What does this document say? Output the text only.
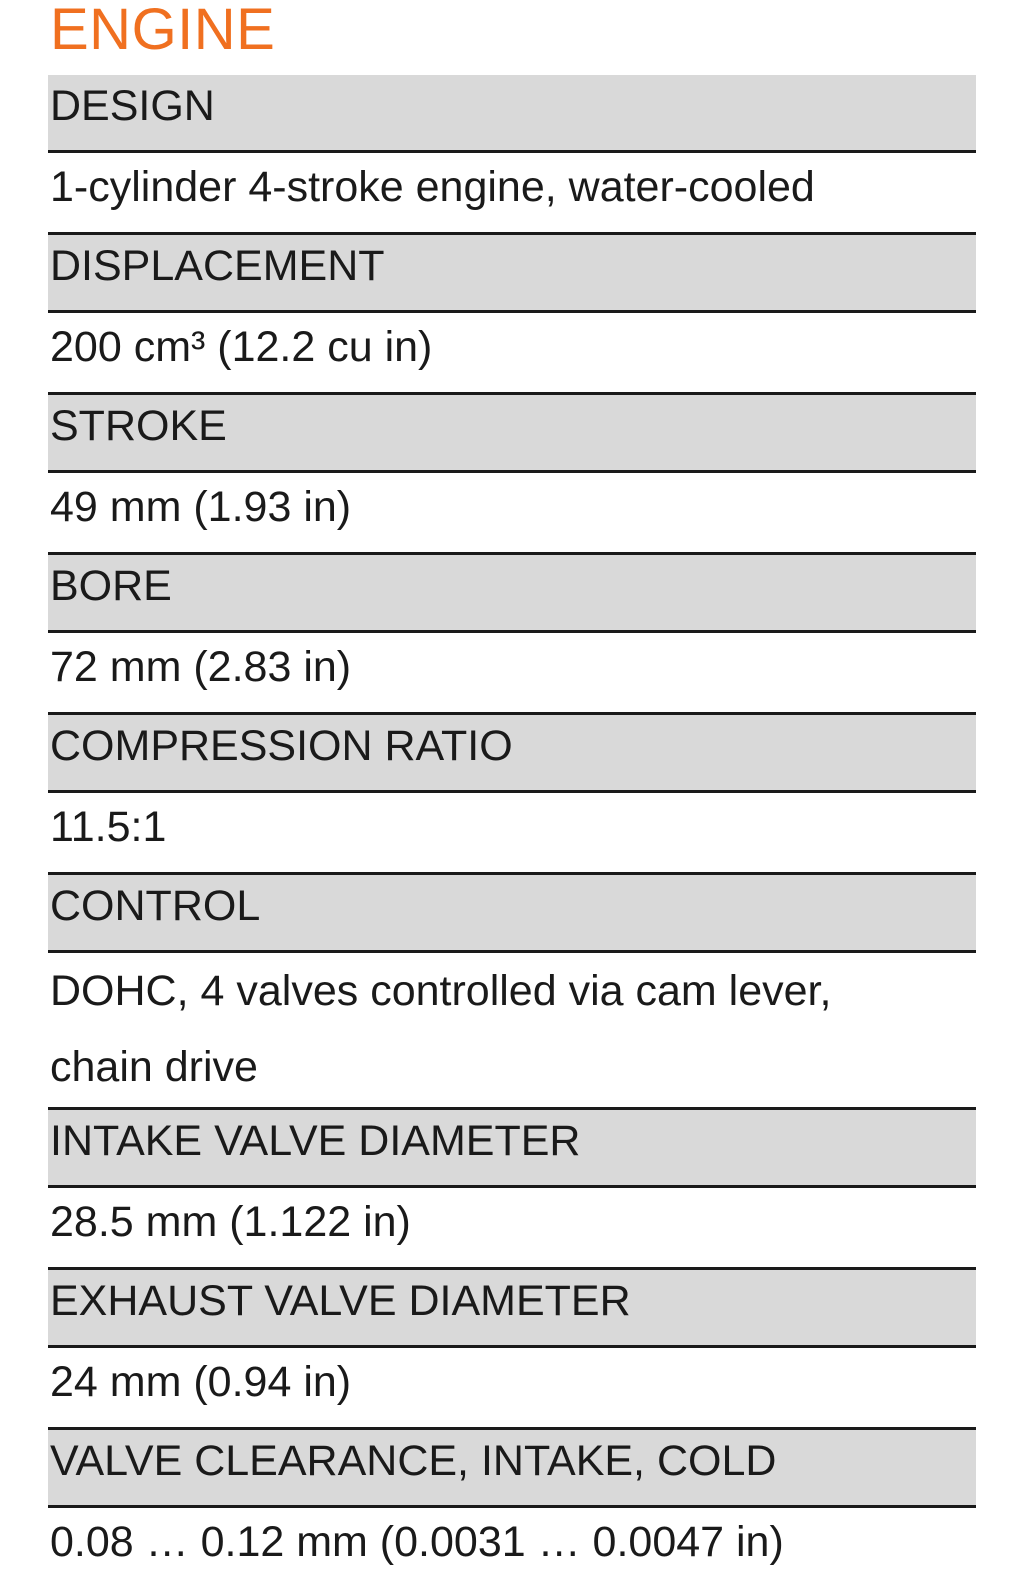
ENGINE
DESIGN
1-cylinder 4-stroke engine, water-cooled
DISPLACEMENT
200 cm³ (12.2 cu in)
STROKE
49 mm (1.93 in)
BORE
72 mm (2.83 in)
COMPRESSION RATIO
11.5:1
CONTROL
DOHC, 4 valves controlled via cam lever,
chain drive
INTAKE VALVE DIAMETER
28.5 mm (1.122 in)
EXHAUST VALVE DIAMETER
24 mm (0.94 in)
VALVE CLEARANCE, INTAKE, COLD
0.08 … 0.12 mm (0.0031 … 0.0047 in)
